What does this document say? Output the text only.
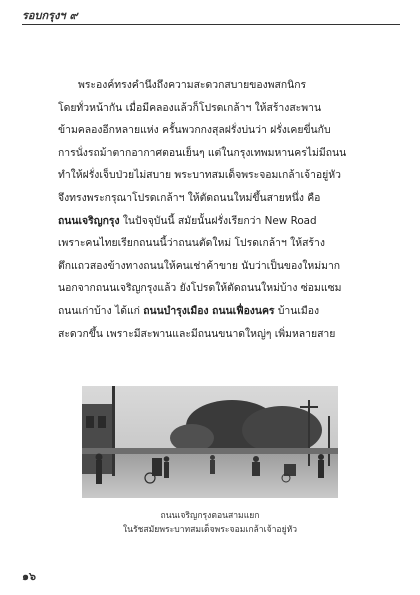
รอบกรุงฯ ๙
พระองค์ทรงคำนึงถึงความสะดวกสบายของพสกนิกร
โดยทั่วหน้ากัน เมื่อมีคลองแล้วก็โปรดเกล้าฯ ให้สร้างสะพาน
ข้ามคลองอีกหลายแห่ง ครั้นพวกกงสุลฝรั่งบ่นว่า ฝรั่งเคยขี่นกับ
การนั่งรถม้าตากอากาศตอนเย็นๆ แต่ในกรุงเทพมหานครไม่มีถนน
ทำให้ฝรั่งเจ็บป่วยไม่สบาย พระบาทสมเด็จพระจอมเกล้าเจ้าอยู่หัว
จึงทรงพระกรุณาโปรดเกล้าฯ ให้ตัดถนนใหม่ขึ้นสายหนึ่ง คือ
ถนนเจริญกรุง ในปัจจุบันนี้ สมัยนั้นฝรั่งเรียกว่า New Road
เพราะคนไทยเรียกถนนนี้ว่าถนนตัดใหม่ โปรดเกล้าฯ ให้สร้าง
ตึกแถวสองข้างทางถนนให้คนเช่าค้าขาย นับว่าเป็นของใหม่มาก
นอกจากถนนเจริญกรุงแล้ว ยังโปรดให้ตัดถนนใหม่บ้าง ซ่อมแซม
ถนนเก่าบ้าง ได้แก่ ถนนบำรุงเมือง ถนนเฟื่องนคร บ้านเมือง
สะดวกขึ้น เพราะมีสะพานและมีถนนขนาดใหญ่ๆ เพิ่มหลายสาย
ถนนเจริญกรุงตอนสามแยก
ในรัชสมัยพระบาทสมเด็จพระจอมเกล้าเจ้าอยู่หัว
๑๖
